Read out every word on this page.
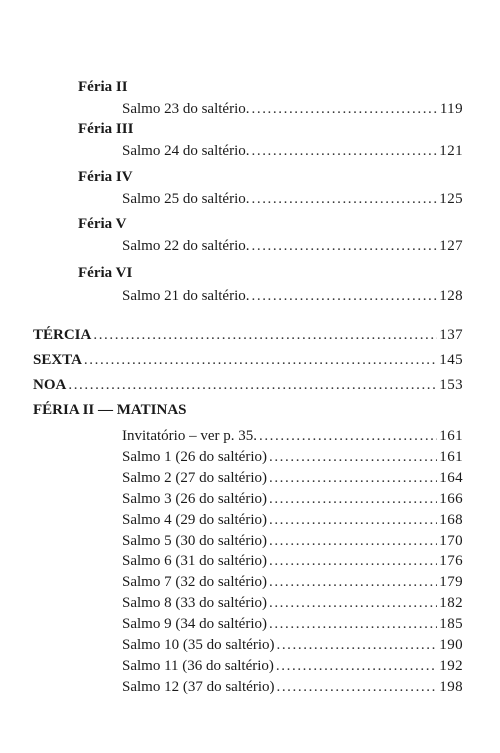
Féria II
Salmo 23 do saltério. .....	119
Féria III
Salmo 24 do saltério. .....	121
Féria IV
Salmo 25 do saltério. .....	125
Féria V
Salmo 22 do saltério. .....	127
Féria VI
Salmo 21 do saltério. .....	128
TÉRCIA .....	137
SEXTA .....	145
NOA .....	153
FÉRIA II — MATINAS
Invitatório – ver p. 35. .....	161
Salmo 1 (26 do saltério) .....	161
Salmo 2 (27 do saltério) .....	164
Salmo 3 (26 do saltério) .....	166
Salmo 4 (29 do saltério) .....	168
Salmo 5 (30 do saltério) .....	170
Salmo 6 (31 do saltério) .....	176
Salmo 7 (32 do saltério) .....	179
Salmo 8 (33 do saltério) .....	182
Salmo 9 (34 do saltério) .....	185
Salmo 10 (35 do saltério) .....	190
Salmo 11 (36 do saltério) .....	192
Salmo 12 (37 do saltério) .....	198
